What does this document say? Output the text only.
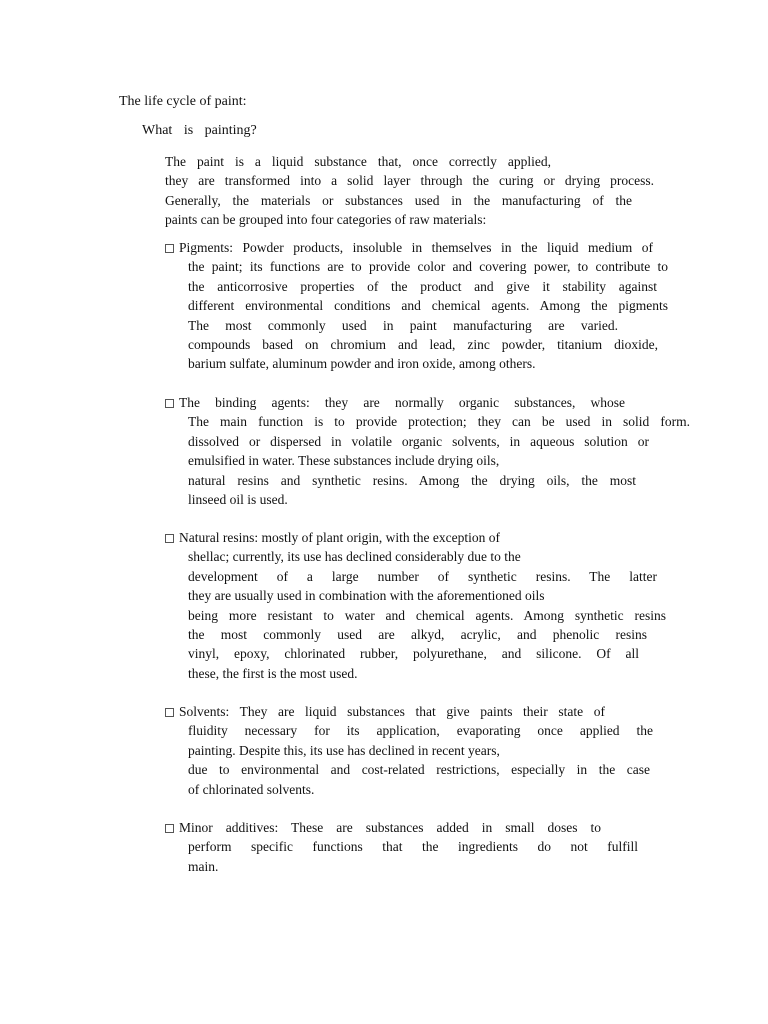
The life cycle of paint:
What is painting?
The paint is a liquid substance that, once correctly applied,
they are transformed into a solid layer through the curing or drying process.
Generally, the materials or substances used in the manufacturing of the
paints can be grouped into four categories of raw materials:
Pigments: Powder products, insoluble in themselves in the liquid medium of
the paint; its functions are to provide color and covering power, to contribute to
the anticorrosive properties of the product and give it stability against
different environmental conditions and chemical agents. Among the pigments
The most commonly used in paint manufacturing are varied.
compounds based on chromium and lead, zinc powder, titanium dioxide,
barium sulfate, aluminum powder and iron oxide, among others.
The binding agents: they are normally organic substances, whose
The main function is to provide protection; they can be used in solid form.
dissolved or dispersed in volatile organic solvents, in aqueous solution or
emulsified in water. These substances include drying oils,
natural resins and synthetic resins. Among the drying oils, the most
linseed oil is used.
Natural resins: mostly of plant origin, with the exception of
shellac; currently, its use has declined considerably due to the
development of a large number of synthetic resins. The latter
they are usually used in combination with the aforementioned oils
being more resistant to water and chemical agents. Among synthetic resins
the most commonly used are alkyd, acrylic, and phenolic resins
vinyl, epoxy, chlorinated rubber, polyurethane, and silicone. Of all
these, the first is the most used.
Solvents: They are liquid substances that give paints their state of
fluidity necessary for its application, evaporating once applied the
painting. Despite this, its use has declined in recent years,
due to environmental and cost-related restrictions, especially in the case
of chlorinated solvents.
Minor additives: These are substances added in small doses to
perform specific functions that the ingredients do not fulfill
main.
